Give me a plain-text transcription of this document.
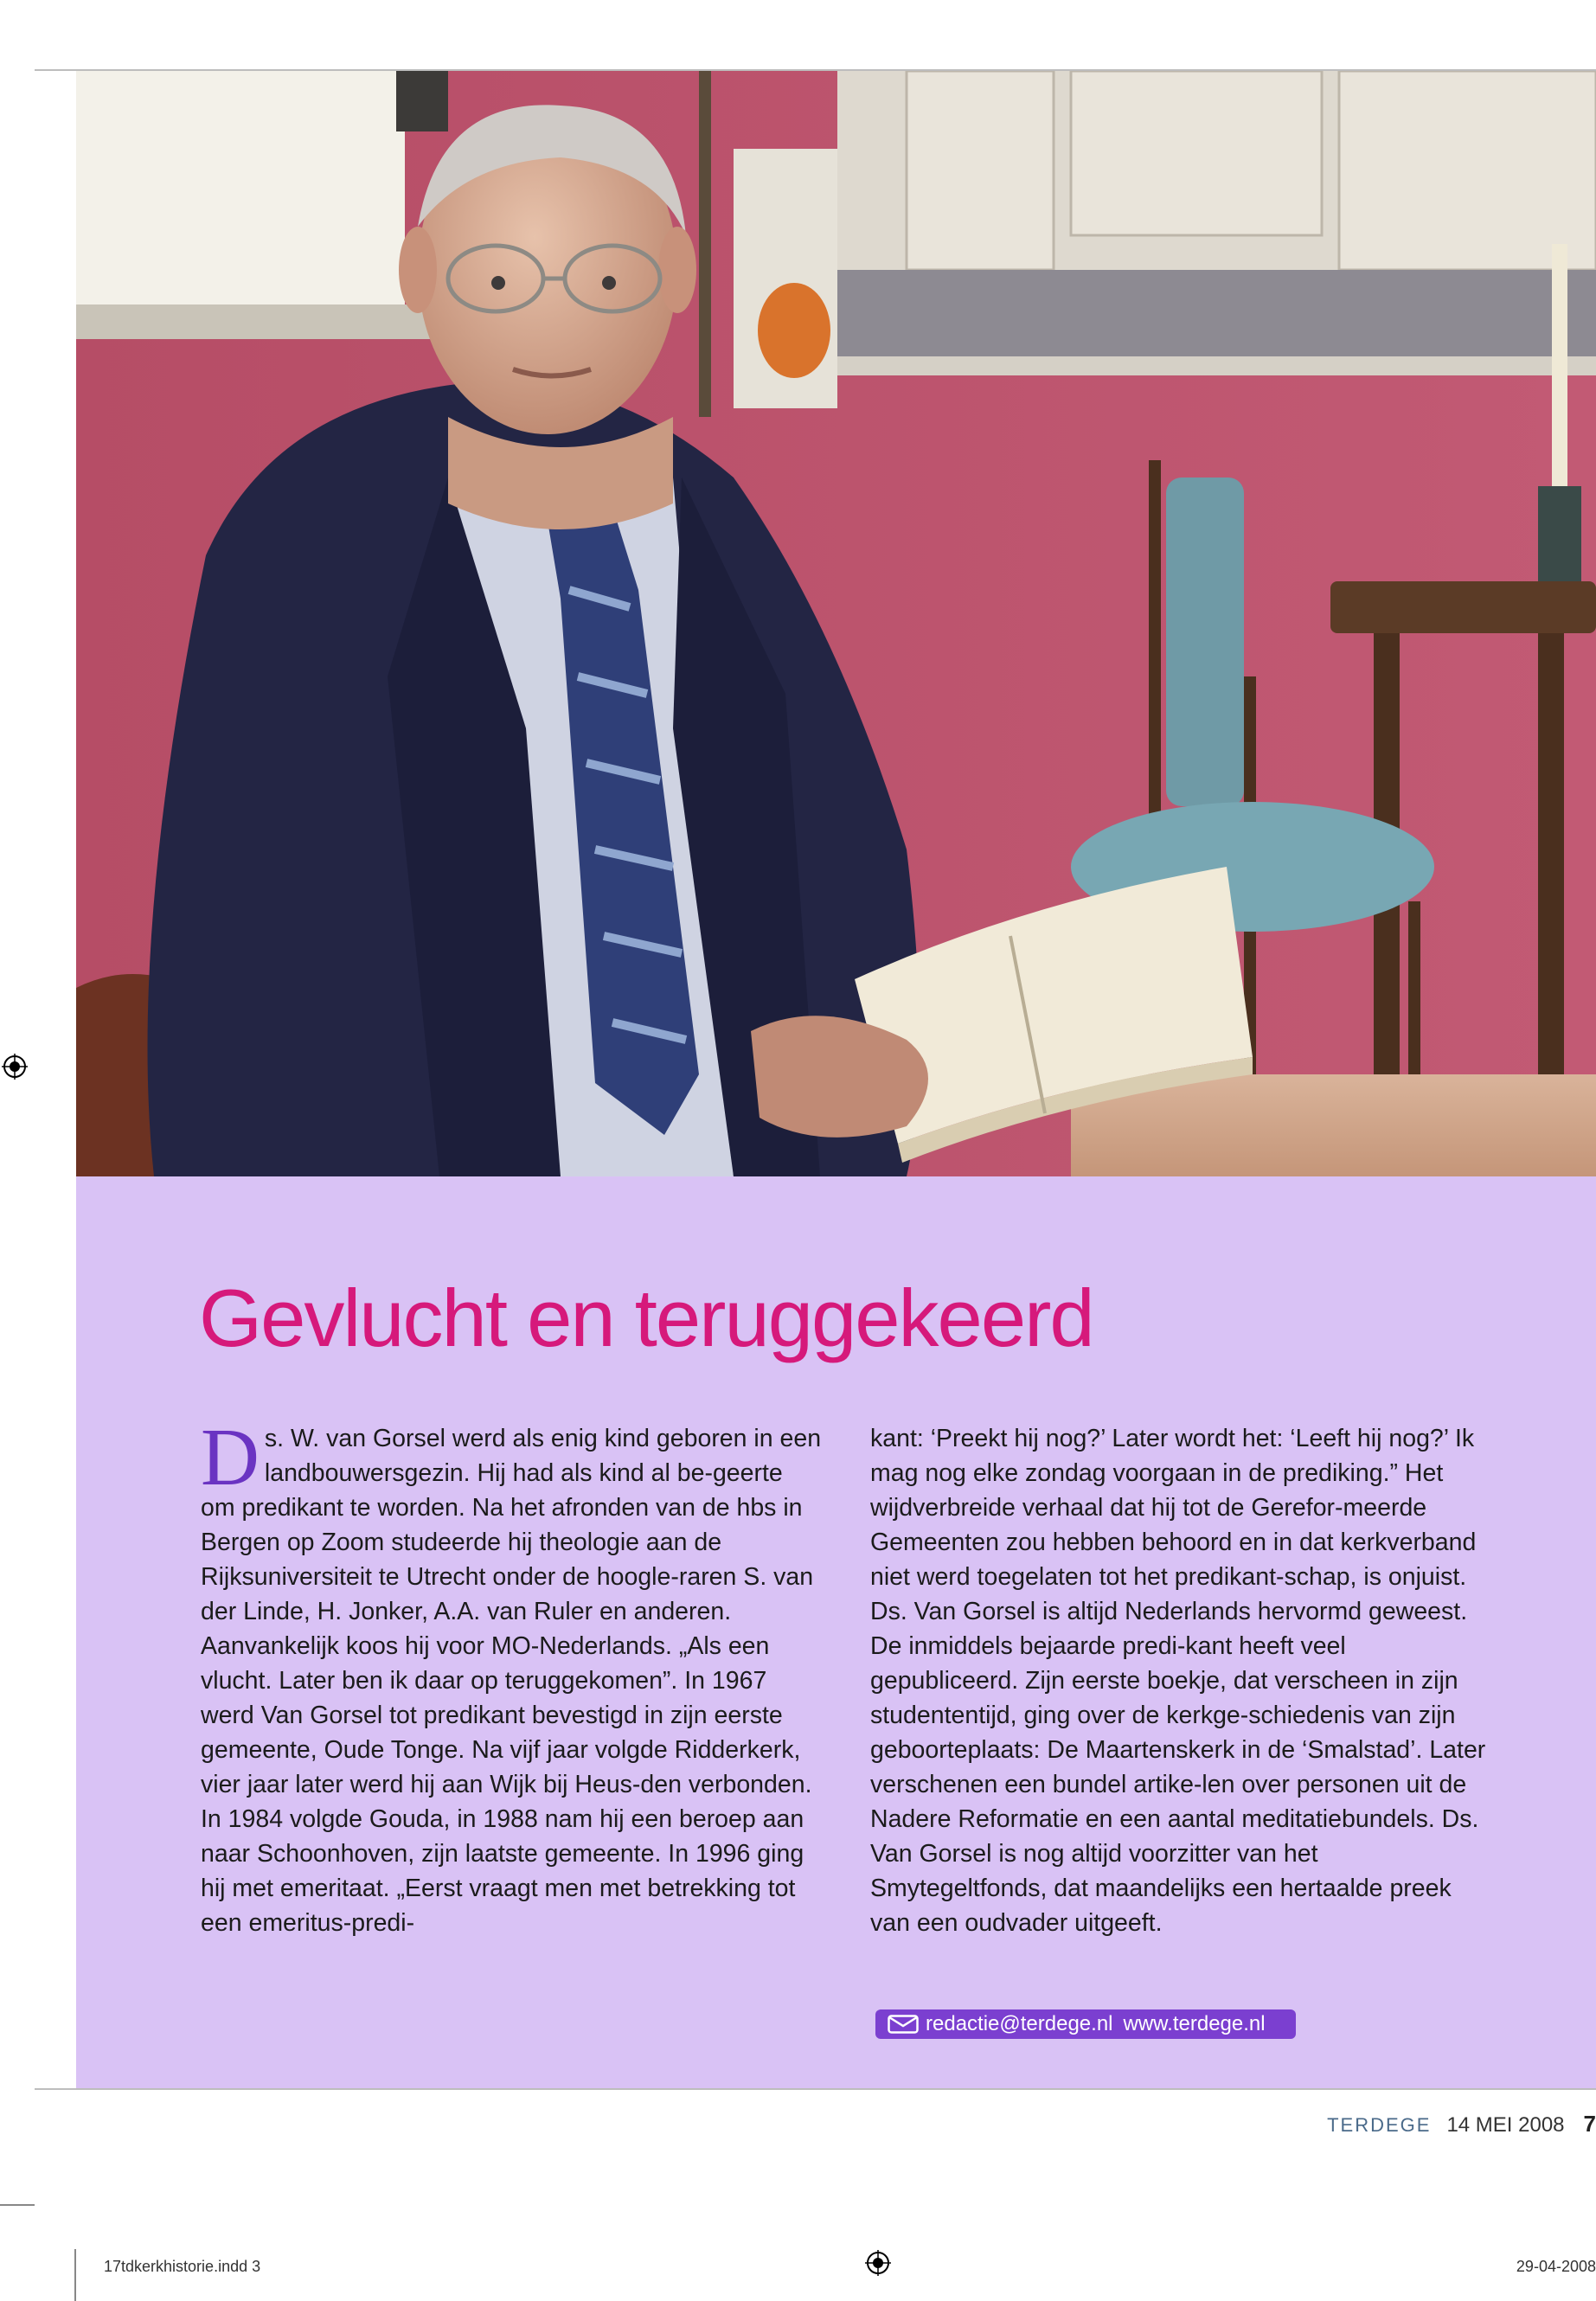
Gevlucht en teruggekeerd

Ds. W. van Gorsel werd als enig kind geboren in een landbouwersgezin. Hij had als kind al be-geerte om predikant te worden. Na het afronden van de hbs in Bergen op Zoom studeerde hij theologie aan de Rijksuniversiteit te Utrecht onder de hoogle-raren S. van der Linde, H. Jonker, A.A. van Ruler en anderen. Aanvankelijk koos hij voor MO-Nederlands. „Als een vlucht. Later ben ik daar op teruggekomen”. In 1967 werd Van Gorsel tot predikant bevestigd in zijn eerste gemeente, Oude Tonge. Na vijf jaar volgde Ridderkerk, vier jaar later werd hij aan Wijk bij Heus-den verbonden. In 1984 volgde Gouda, in 1988 nam hij een beroep aan naar Schoonhoven, zijn laatste gemeente. In 1996 ging hij met emeritaat. „Eerst vraagt men met betrekking tot een emeritus-predi-

kant: ‘Preekt hij nog?’ Later wordt het: ‘Leeft hij nog?’ Ik mag nog elke zondag voorgaan in de prediking.” Het wijdverbreide verhaal dat hij tot de Gerefor-meerde Gemeenten zou hebben behoord en in dat kerkverband niet werd toegelaten tot het predikant-schap, is onjuist. Ds. Van Gorsel is altijd Nederlands hervormd geweest. De inmiddels bejaarde predi-kant heeft veel gepubliceerd. Zijn eerste boekje, dat verscheen in zijn studententijd, ging over de kerkge-schiedenis van zijn geboorteplaats: De Maartenskerk in de ‘Smalstad’. Later verschenen een bundel artike-len over personen uit de Nadere Reformatie en een aantal meditatiebundels. Ds. Van Gorsel is nog altijd voorzitter van het Smytegeltfonds, dat maandelijks een hertaalde preek van een oudvader uitgeeft.

redactie@terdege.nl www.terdege.nl
TERDEGE 14 MEI 2008 7
17tdkerkhistorie.indd 3	29-04-2008
